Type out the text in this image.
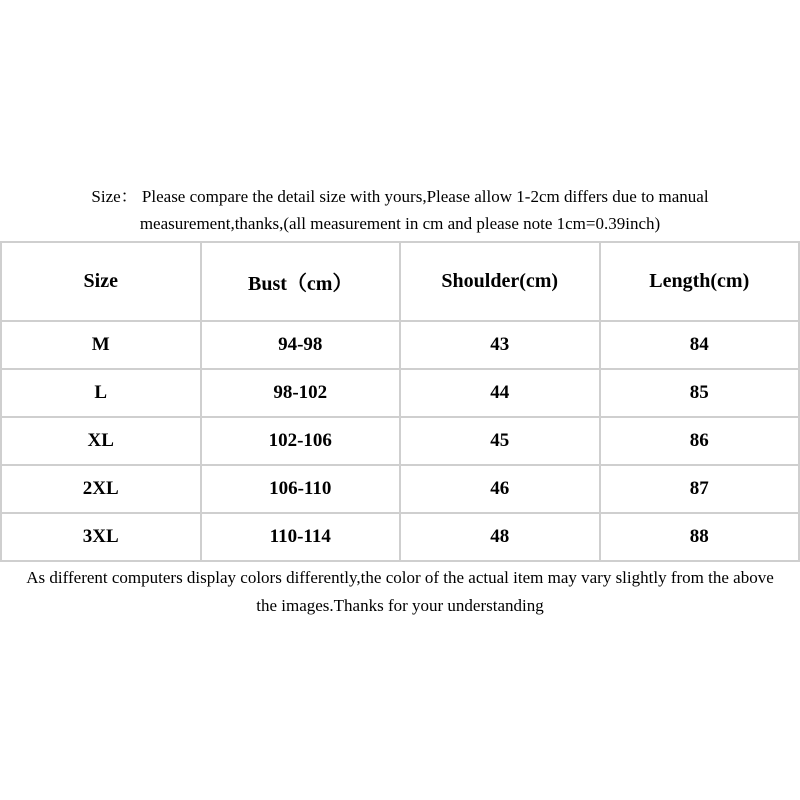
Size： Please compare the detail size with yours,Please allow 1-2cm differs due to manual
measurement,thanks,(all measurement in cm and please note 1cm=0.39inch)
Size	Bust（cm）	Shoulder(cm)	Length(cm)
M	94-98	43	84
L	98-102	44	85
XL	102-106	45	86
2XL	106-110	46	87
3XL	110-114	48	88
As different computers display colors differently,the color of the actual item may vary slightly from the above
the images.Thanks for your understanding
